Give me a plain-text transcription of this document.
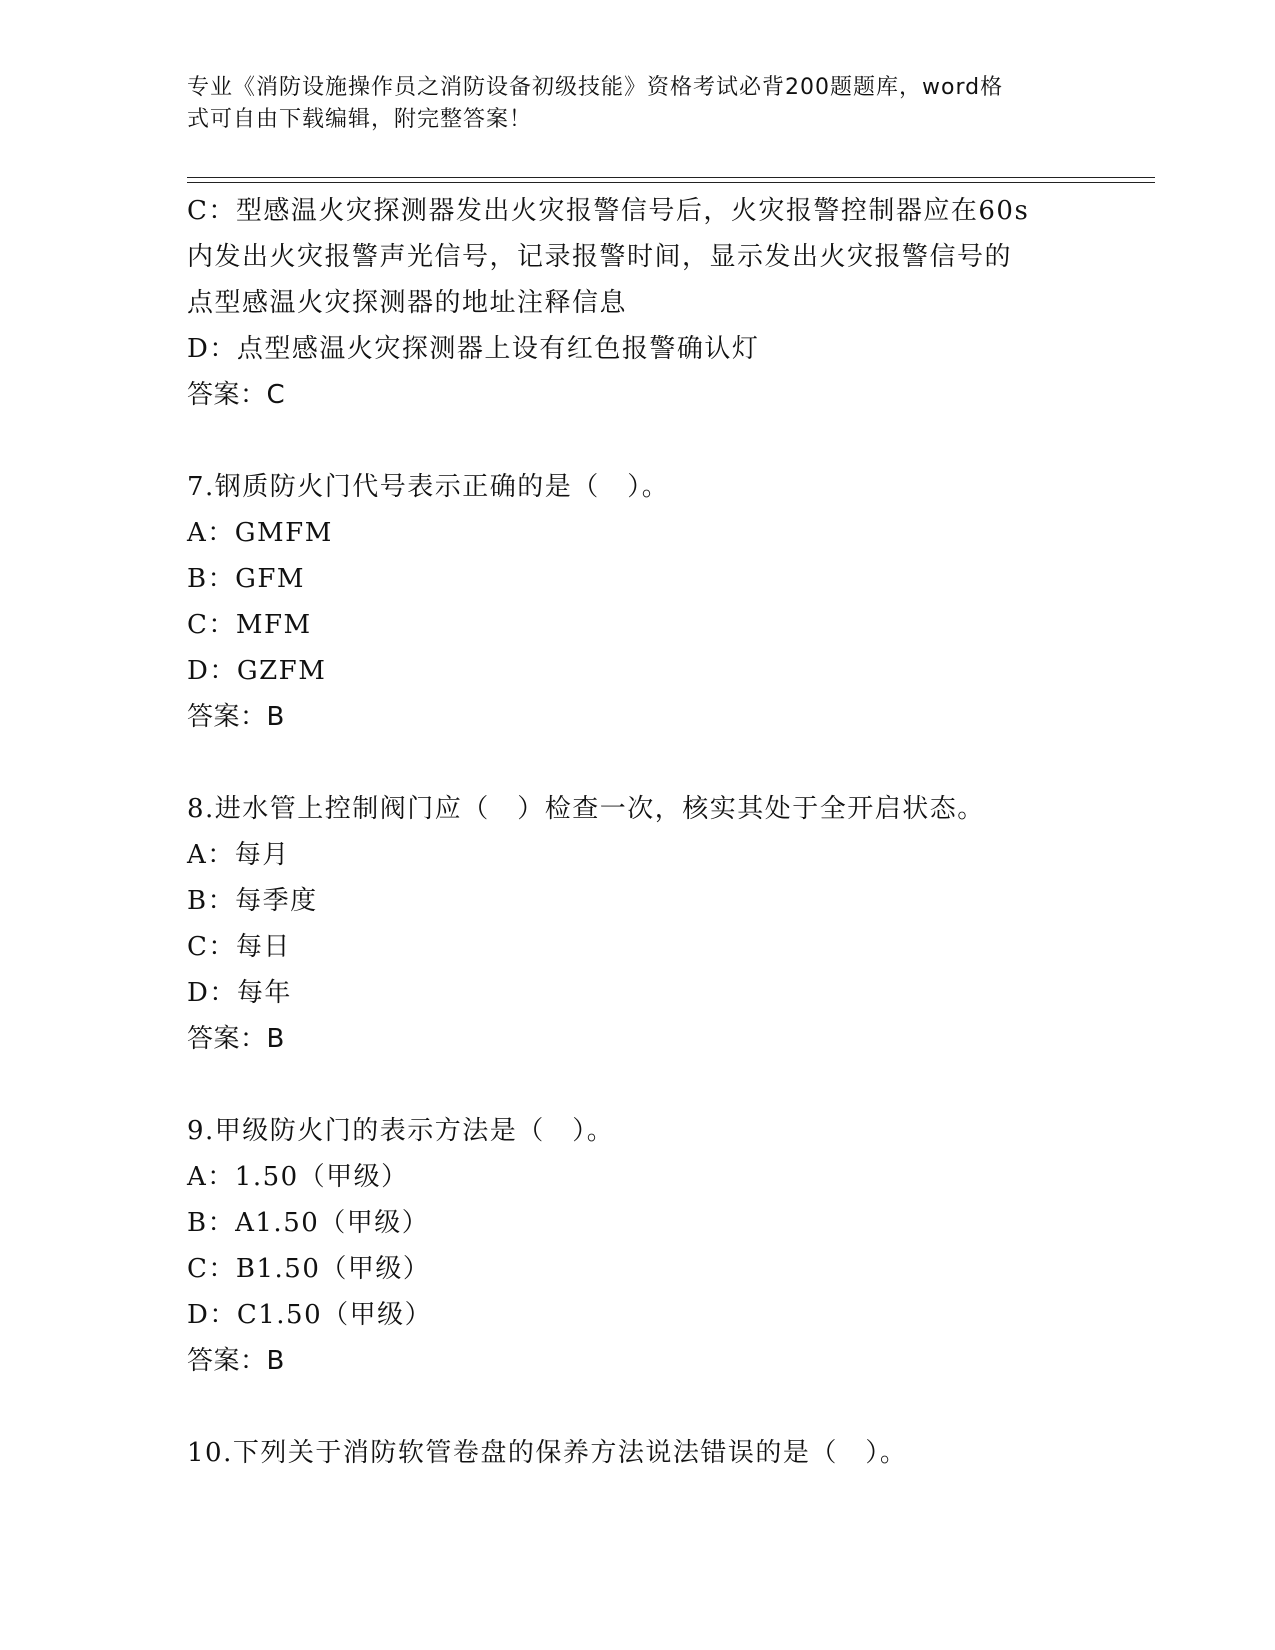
专业《消防设施操作员之消防设备初级技能》资格考试必背200题题库，word格
式可自由下载编辑，附完整答案！

C：型感温火灾探测器发出火灾报警信号后，火灾报警控制器应在60s

内发出火灾报警声光信号，记录报警时间，显示发出火灾报警信号的

点型感温火灾探测器的地址注释信息

D：点型感温火灾探测器上设有红色报警确认灯

答案：C

7.钢质防火门代号表示正确的是（　）。

A：GMFM

B：GFM

C：MFM

D：GZFM

答案：B

8.进水管上控制阀门应（　）检查一次，核实其处于全开启状态。

A：每月

B：每季度

C：每日

D：每年

答案：B

9.甲级防火门的表示方法是（　）。

A：1.50（甲级）

B：A1.50（甲级）

C：B1.50（甲级）

D：C1.50（甲级）

答案：B

10.下列关于消防软管卷盘的保养方法说法错误的是（　）。
